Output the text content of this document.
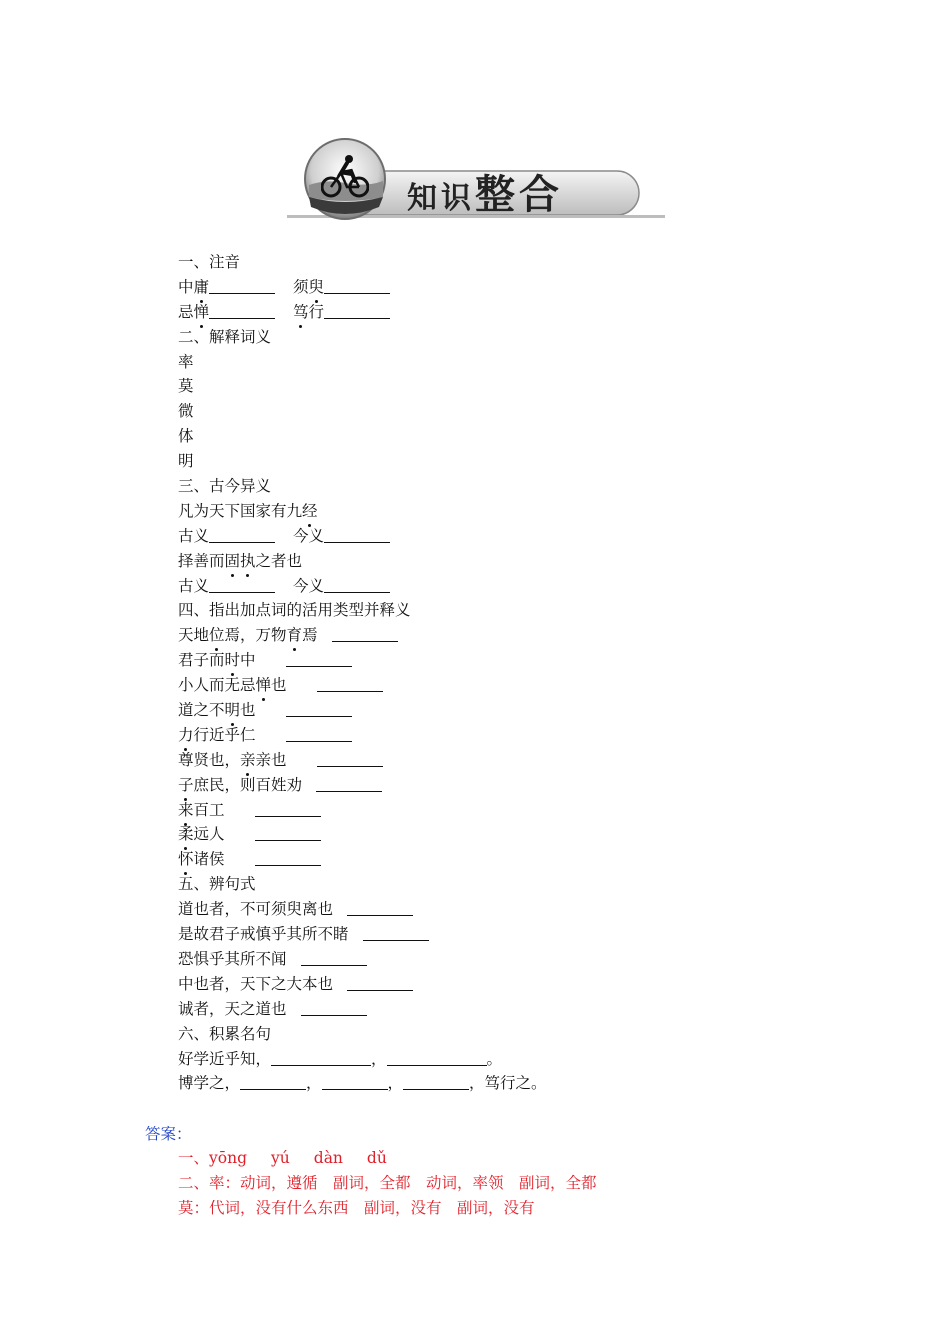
知识整合
一、注音
中庸	须臾
忌惮	笃行
二、解释词义
率
莫
微
体
明
三、古今异义
凡为天下国家有九经
古义	今义
择善而固执之者也
古义	今义
四、指出加点词的活用类型并释义
天地位焉，万物育焉
君子而时中
小人而无忌惮也
道之不明也
力行近乎仁
尊贤也，亲亲也
子庶民，则百姓劝
来百工
柔远人
怀诸侯
五、辨句式
道也者，不可须臾离也
是故君子戒慎乎其所不睹
恐惧乎其所不闻
中也者，天下之大本也
诚者，天之道也
六、积累名句
好学近乎知，	，	。
博学之，	，	，	，笃行之。
答案：
一、yōng yú dàn dǔ
二、率：动词，遵循　副词，全都　动词，率领　副词，全都
莫：代词，没有什么东西　副词，没有　副词，没有
